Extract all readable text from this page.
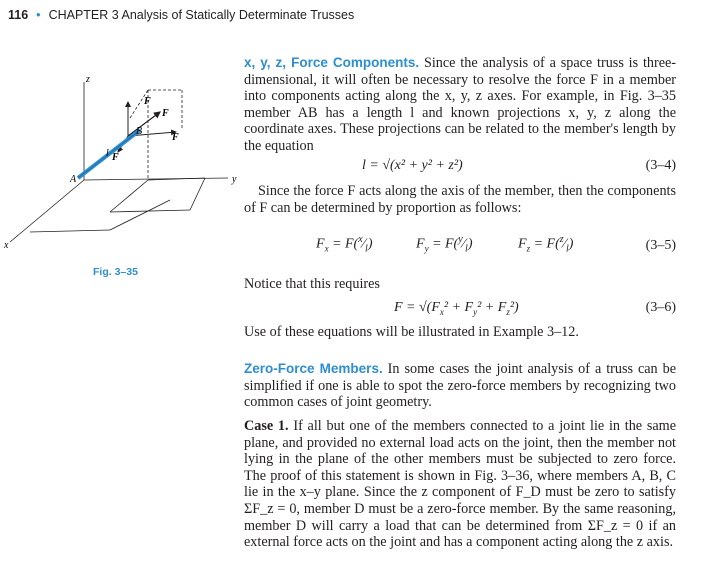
116 • CHAPTER 3 Analysis of Statically Determinate Trusses
z
y
x
A
B
l
F
F
F
F
Fig. 3–35

x, y, z, Force Components. Since the analysis of a space truss is three-dimensional, it will often be necessary to resolve the force F in a member into components acting along the x, y, z axes. For example, in Fig. 3–35 member AB has a length l and known projections x, y, z along the coordinate axes. These projections can be related to the member's length by the equation

l = √(x² + y² + z²)	(3–4)

Since the force F acts along the axis of the member, then the components of F can be determined by proportion as follows:

$F_x$ = $F(^x⁄_l)$	$F_y$ = $F(^y⁄_l)$	$F_z$ = $F(^z⁄_l)$	(3–5)

Notice that this requires

$F = √(F_x^2 + F_y^2 + F_z^2)$	(3–6)

Use of these equations will be illustrated in Example 3–12.

Zero-Force Members. In some cases the joint analysis of a truss can be simplified if one is able to spot the zero-force members by recognizing two common cases of joint geometry.

Case 1. If all but one of the members connected to a joint lie in the same plane, and provided no external load acts on the joint, then the member not lying in the plane of the other members must be subjected to zero force. The proof of this statement is shown in Fig. 3–36, where members A, B, C lie in the x–y plane. Since the z component of F_D must be zero to satisfy ΣF_z = 0, member D must be a zero-force member. By the same reasoning, member D will carry a load that can be determined from ΣF_z = 0 if an external force acts on the joint and has a component acting along the z axis.
